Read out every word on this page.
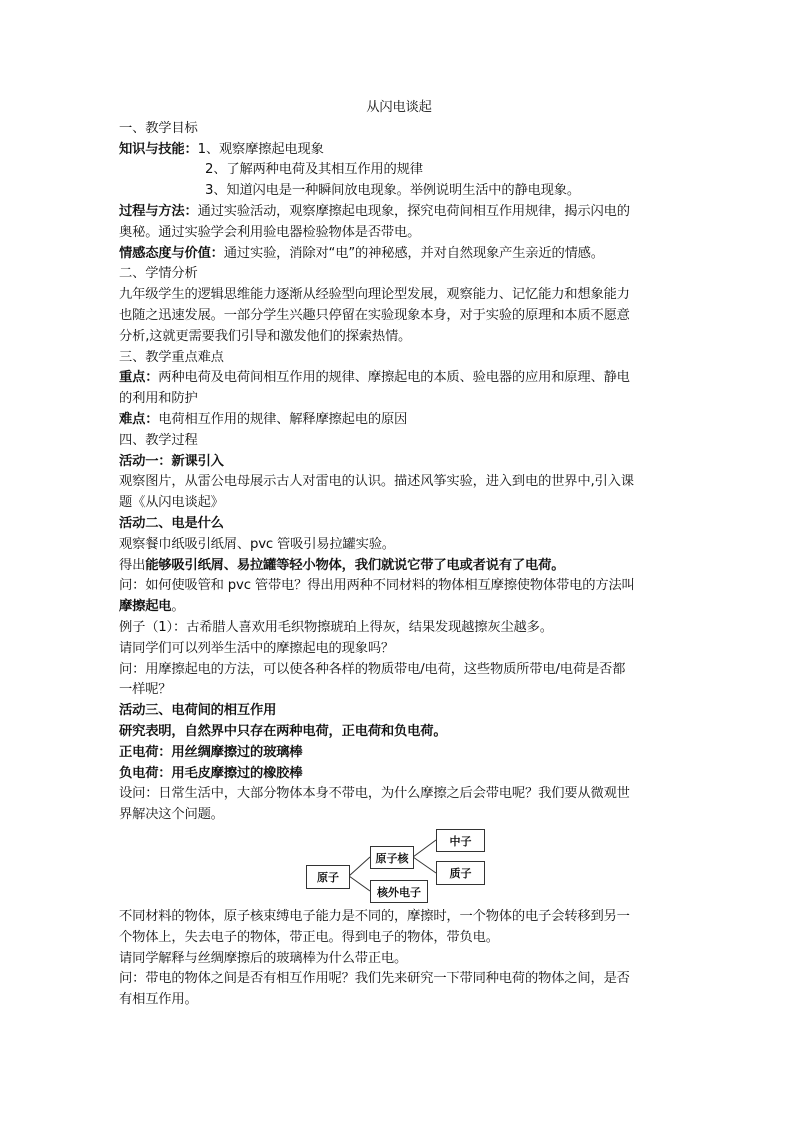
从闪电谈起
一、教学目标
知识与技能：1、观察摩擦起电现象
2、了解两种电荷及其相互作用的规律
3、知道闪电是一种瞬间放电现象。举例说明生活中的静电现象。
过程与方法：通过实验活动，观察摩擦起电现象，探究电荷间相互作用规律，揭示闪电的
奥秘。通过实验学会利用验电器检验物体是否带电。
情感态度与价值：通过实验，消除对“电”的神秘感，并对自然现象产生亲近的情感。
二、学情分析
九年级学生的逻辑思维能力逐渐从经验型向理论型发展，观察能力、记忆能力和想象能力
也随之迅速发展。一部分学生兴趣只停留在实验现象本身，对于实验的原理和本质不愿意
分析,这就更需要我们引导和激发他们的探索热情。
三、教学重点难点
重点：两种电荷及电荷间相互作用的规律、摩擦起电的本质、验电器的应用和原理、静电
的利用和防护
难点：电荷相互作用的规律、解释摩擦起电的原因
四、教学过程
活动一：新课引入
观察图片，从雷公电母展示古人对雷电的认识。描述风筝实验，进入到电的世界中,引入课
题《从闪电谈起》
活动二、电是什么
观察餐巾纸吸引纸屑、pvc 管吸引易拉罐实验。
得出能够吸引纸屑、易拉罐等轻小物体，我们就说它带了电或者说有了电荷。
问：如何使吸管和 pvc 管带电？得出用两种不同材料的物体相互摩擦使物体带电的方法叫
摩擦起电。
例子（1）：古希腊人喜欢用毛织物擦琥珀上得灰，结果发现越擦灰尘越多。
请同学们可以列举生活中的摩擦起电的现象吗？
问：用摩擦起电的方法，可以使各种各样的物质带电/电荷，这些物质所带电/电荷是否都
一样呢？
活动三、电荷间的相互作用
研究表明，自然界中只存在两种电荷，正电荷和负电荷。
正电荷：用丝绸摩擦过的玻璃棒
负电荷：用毛皮摩擦过的橡胶棒
设问：日常生活中，大部分物体本身不带电，为什么摩擦之后会带电呢？我们要从微观世
界解决这个问题。
原子
原子核
核外电子
中子
质子
不同材料的物体，原子核束缚电子能力是不同的，摩擦时，一个物体的电子会转移到另一
个物体上，失去电子的物体，带正电。得到电子的物体，带负电。
请同学解释与丝绸摩擦后的玻璃棒为什么带正电。
问：带电的物体之间是否有相互作用呢？我们先来研究一下带同种电荷的物体之间，是否
有相互作用。
